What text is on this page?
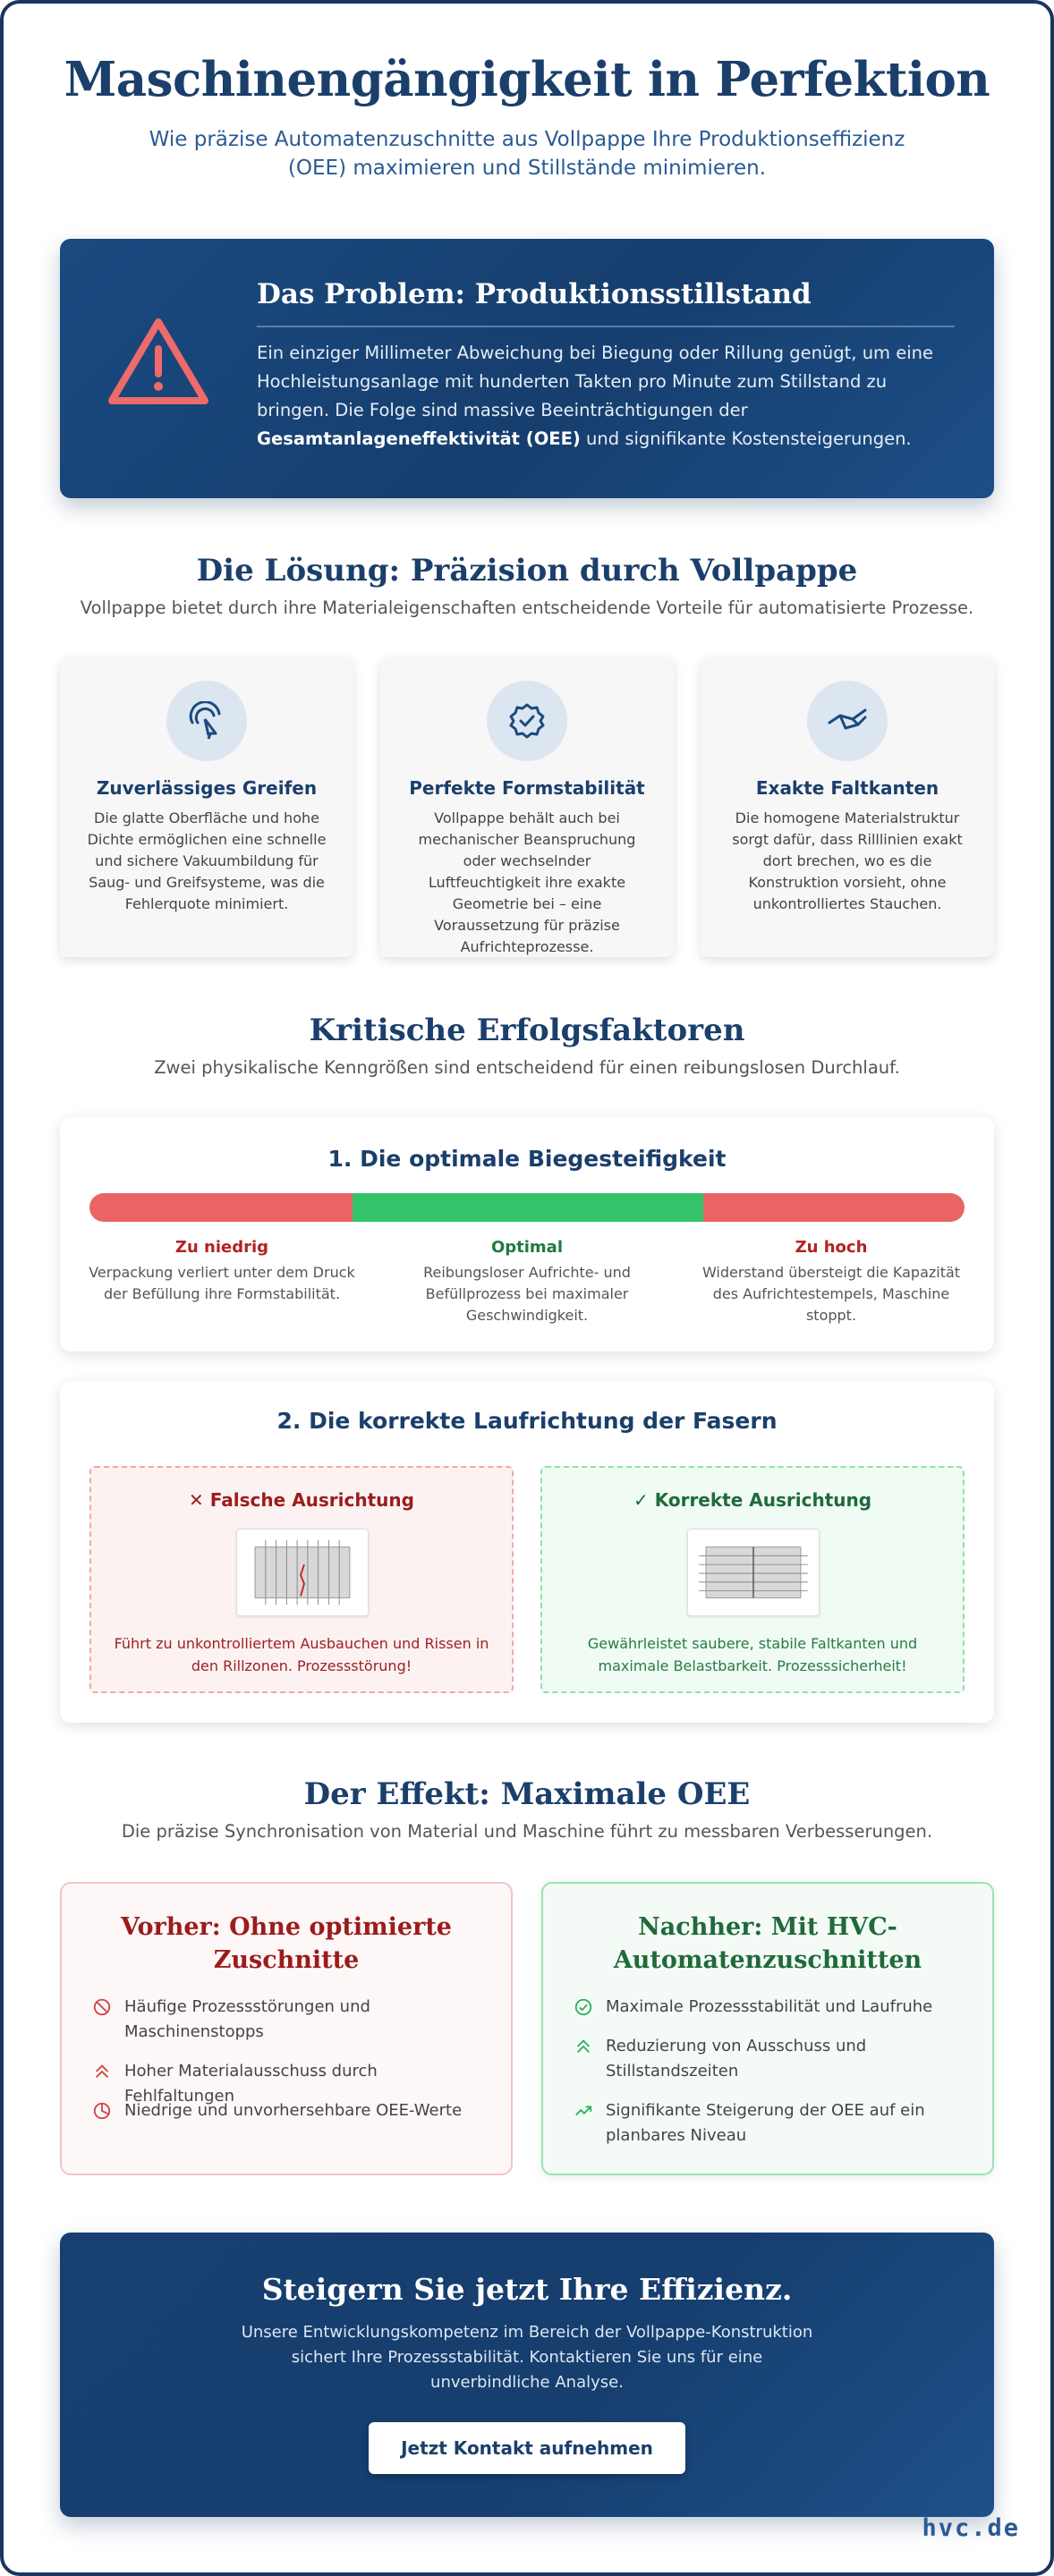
Maschinengängigkeit in Perfektion

Wie präzise Automatenzuschnitte aus Vollpappe Ihre Produktionseffizienz (OEE) maximieren und Stillstände minimieren.

Das Problem: Produktionsstillstand

Ein einziger Millimeter Abweichung bei Biegung oder Rillung genügt, um eine Hochleistungsanlage mit hunderten Takten pro Minute zum Stillstand zu bringen. Die Folge sind massive Beeinträchtigungen der Gesamtanlageneffektivität (OEE) und signifikante Kostensteigerungen.

Die Lösung: Präzision durch Vollpappe

Vollpappe bietet durch ihre Materialeigenschaften entscheidende Vorteile für automatisierte Prozesse.

Zuverlässiges Greifen

Die glatte Oberfläche und hohe Dichte ermöglichen eine schnelle und sichere Vakuumbildung für Saug- und Greifsysteme, was die Fehlerquote minimiert.

Perfekte Formstabilität

Vollpappe behält auch bei mechanischer Beanspruchung oder wechselnder Luftfeuchtigkeit ihre exakte Geometrie bei – eine Voraussetzung für präzise Aufrichteprozesse.

Exakte Faltkanten

Die homogene Materialstruktur sorgt dafür, dass Rilllinien exakt dort brechen, wo es die Konstruktion vorsieht, ohne unkontrolliertes Stauchen.

Kritische Erfolgsfaktoren

Zwei physikalische Kenngrößen sind entscheidend für einen reibungslosen Durchlauf.

1. Die optimale Biegesteifigkeit
Zu niedrig
Verpackung verliert unter dem Druck der Befüllung ihre Formstabilität.
Optimal
Reibungsloser Aufrichte- und Befüllprozess bei maximaler Geschwindigkeit.
Zu hoch
Widerstand übersteigt die Kapazität des Aufrichtestempels, Maschine stoppt.
2. Die korrekte Laufrichtung der Fasern
✕ Falsche Ausrichtung

Führt zu unkontrolliertem Ausbauchen und Rissen in den Rillzonen. Prozessstörung!

✓ Korrekte Ausrichtung

Gewährleistet saubere, stabile Faltkanten und maximale Belastbarkeit. Prozesssicherheit!

Der Effekt: Maximale OEE

Die präzise Synchronisation von Material und Maschine führt zu messbaren Verbesserungen.

Vorher: Ohne optimierte Zuschnitte
Häufige Prozessstörungen und Maschinenstopps
Hoher Materialausschuss durch Fehlfaltungen
Niedrige und unvorhersehbare OEE-Werte
Nachher: Mit HVC-Automatenzuschnitten
Maximale Prozessstabilität und Laufruhe
Reduzierung von Ausschuss und Stillstandszeiten
Signifikante Steigerung der OEE auf ein planbares Niveau
Steigern Sie jetzt Ihre Effizienz.

Unsere Entwicklungskompetenz im Bereich der Vollpappe-Konstruktion sichert Ihre Prozessstabilität. Kontaktieren Sie uns für eine unverbindliche Analyse.

Jetzt Kontakt aufnehmen
hvc.de
